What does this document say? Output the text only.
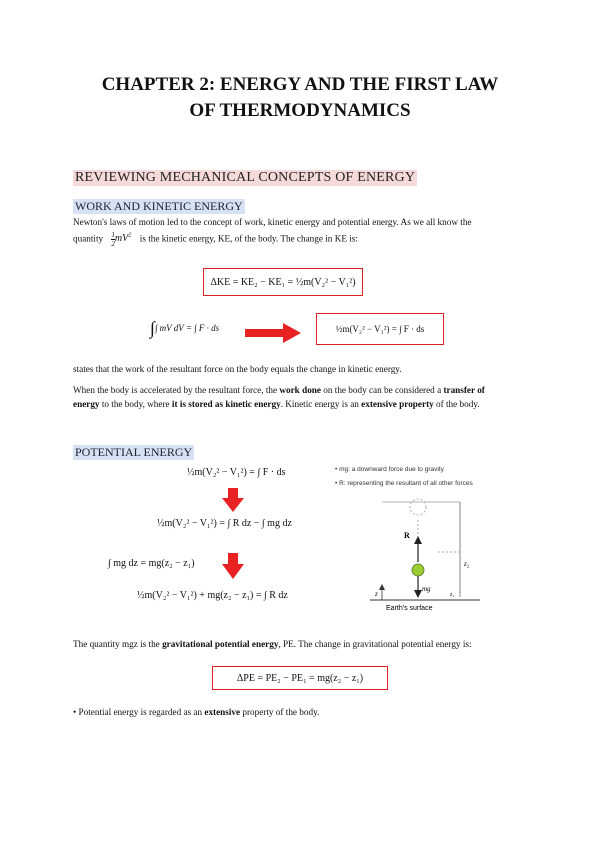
CHAPTER 2: ENERGY AND THE FIRST LAW
OF THERMODYNAMICS
REVIEWING MECHANICAL CONCEPTS OF ENERGY
WORK AND KINETIC ENERGY
Newton's laws of motion led to the concept of work, kinetic energy and potential energy. As we all know the
quantity $\frac{1}{2} mV^2$ is the kinetic energy, KE, of the body. The change in KE is:
ΔKE = KE₂ − KE₁ = ½m(V₂² − V₁²)
∫∫ mV dV = ∫ F · ds	½m(V₂² − V₁²) = ∫ F · ds
states that the work of the resultant force on the body equals the change in kinetic energy.
When the body is accelerated by the resultant force, the work done on the body can be considered a transfer of
energy to the body, where it is stored as kinetic energy. Kinetic energy is an extensive property of the body.
POTENTIAL ENERGY
½m(V₂² − V₁²) = ∫ F · ds
½m(V₂² − V₁²) = ∫ R dz − ∫ mg dz
∫ mg dz = mg(z₂ − z₁)
½m(V₂² − V₁²) + mg(z₂ − z₁) = ∫ R dz
• mg: a downward force due to gravity
• R: representing the resultant of all other forces
R
mg
z₂
z	z₁
Earth's surface
The quantity mgz is the gravitational potential energy, PE. The change in gravitational potential energy is:
ΔPE = PE₂ − PE₁ = mg(z₂ − z₁)
• Potential energy is regarded as an extensive property of the body.
